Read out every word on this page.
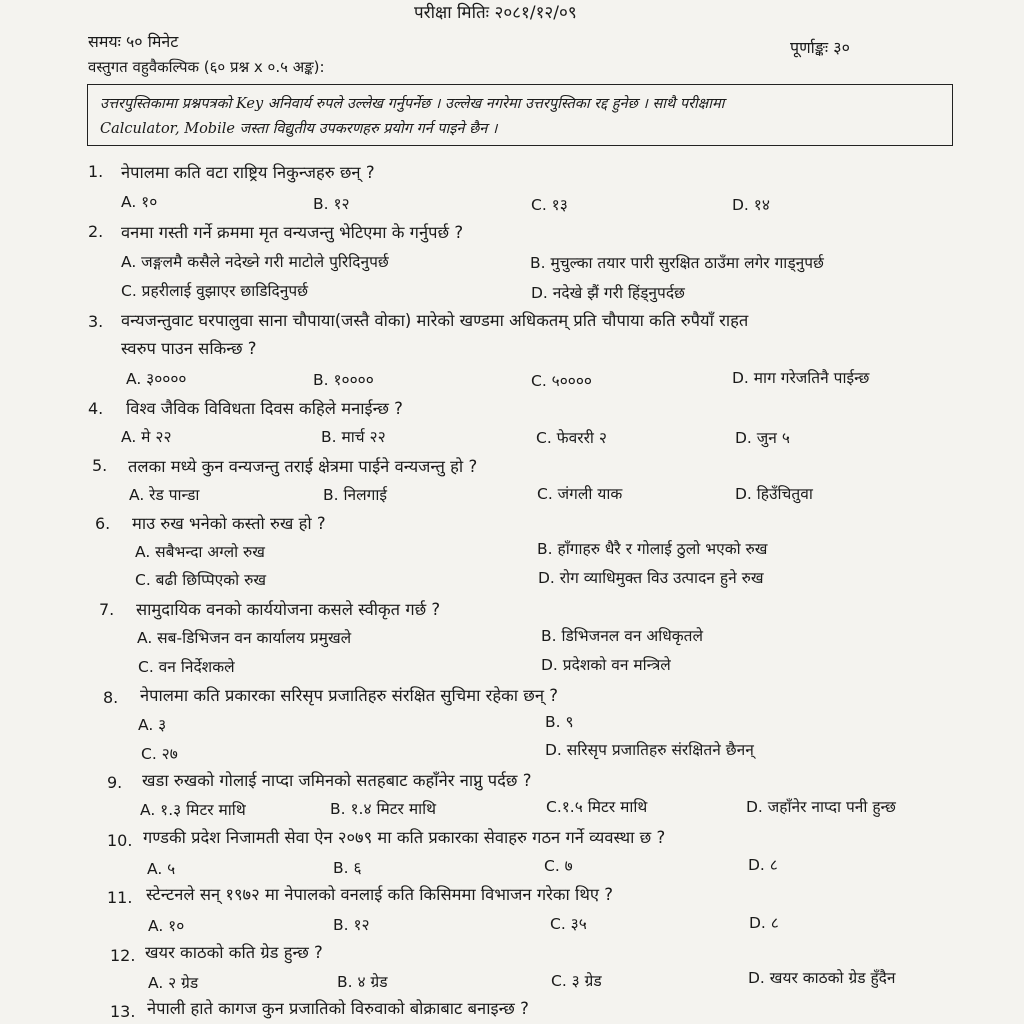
परीक्षा मितिः २०८१/१२/०९
समयः ५० मिनेट	पूर्णाङ्कः ३०
वस्तुगत वहुवैकल्पिक (६० प्रश्न x ०.५ अङ्क):
उत्तरपुस्तिकामा प्रश्नपत्रको Key अनिवार्य रुपले उल्लेख गर्नुपर्नेछ । उल्लेख नगरेमा उत्तरपुस्तिका रद्द हुनेछ । साथै परीक्षामा
Calculator, Mobile जस्ता विद्युतीय उपकरणहरु प्रयोग गर्न पाइने छैन ।
1. नेपालमा कति वटा राष्ट्रिय निकुन्जहरु छन् ?
A. १०	B. १२	C. १३	D. १४
2. वनमा गस्ती गर्ने क्रममा मृत वन्यजन्तु भेटिएमा के गर्नुपर्छ ?
A. जङ्गलमै कसैले नदेख्ने गरी माटोले पुरिदिनुपर्छ	B. मुचुल्का तयार पारी सुरक्षित ठाउँमा लगेर गाड्नुपर्छ
C. प्रहरीलाई वुझाएर छाडिदिनुपर्छ	D. नदेखे झैं गरी हिंड्नुपर्दछ
3. वन्यजन्तुवाट घरपालुवा साना चौपाया(जस्तै वोका) मारेको खण्डमा अधिकतम् प्रति चौपाया कति रुपैयाँ राहत
स्वरुप पाउन सकिन्छ ?
A. ३००००	B. १००००	C. ५००००	D. माग गरेजतिनै पाईन्छ
4. विश्व जैविक विविधता दिवस कहिले मनाईन्छ ?
A. मे २२	B. मार्च २२	C. फेवररी २	D. जुन ५
5. तलका मध्ये कुन वन्यजन्तु तराई क्षेत्रमा पाईने वन्यजन्तु हो ?
A. रेड पान्डा	B. निलगाई	C. जंगली याक	D. हिउँचितुवा
6. माउ रुख भनेको कस्तो रुख हो ?
A. सबैभन्दा अग्लो रुख	B. हाँगाहरु धैरै र गोलाई ठुलो भएको रुख
C. बढी छिप्पिएको रुख	D. रोग व्याधिमुक्त विउ उत्पादन हुने रुख
7. सामुदायिक वनको कार्ययोजना कसले स्वीकृत गर्छ ?
A. सब-डिभिजन वन कार्यालय प्रमुखले	B. डिभिजनल वन अधिकृतले
C. वन निर्देशकले	D. प्रदेशको वन मन्त्रिले
8. नेपालमा कति प्रकारका सरिसृप प्रजातिहरु संरक्षित सुचिमा रहेका छन् ?
A. ३	B. ९
C. २७	D. सरिसृप प्रजातिहरु संरक्षितने छैनन्
9. खडा रुखको गोलाई नाप्दा जमिनको सतहबाट कहाँनेर नाप्नु पर्दछ ?
A. १.३ मिटर माथि	B. १.४ मिटर माथि	C.१.५ मिटर माथि	D. जहाँनेर नाप्दा पनी हुन्छ
10. गण्डकी प्रदेश निजामती सेवा ऐन २०७९ मा कति प्रकारका सेवाहरु गठन गर्ने व्यवस्था छ ?
A. ५	B. ६	C. ७	D. ८
11. स्टेन्टनले सन् १९७२ मा नेपालको वनलाई कति किसिममा विभाजन गरेका थिए ?
A. १०	B. १२	C. ३५	D. ८
12. खयर काठको कति ग्रेड हुन्छ ?
A. २ ग्रेड	B. ४ ग्रेड	C. ३ ग्रेड	D. खयर काठको ग्रेड हुँदैन
13. नेपाली हाते कागज कुन प्रजातिको विरुवाको बोक्राबाट बनाइन्छ ?
